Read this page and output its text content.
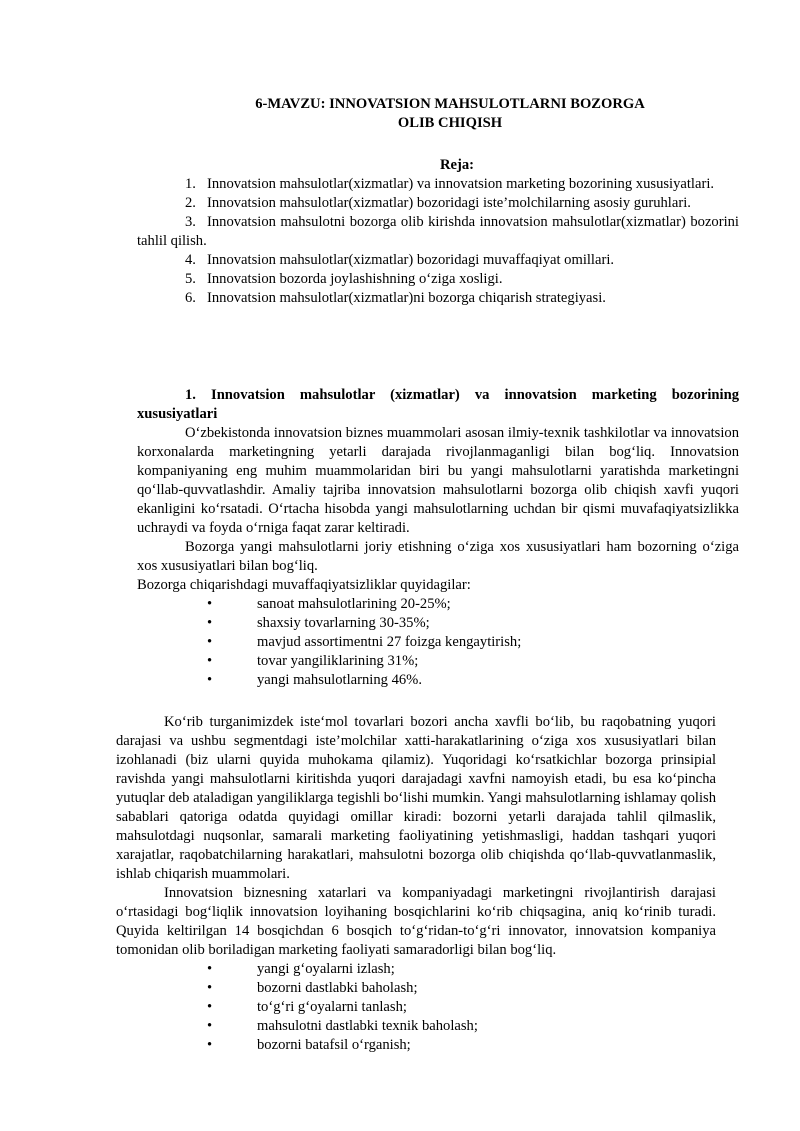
6-MAVZU: INNOVATSION MAHSULOTLARNI BOZORGA
OLIB CHIQISH
Reja:

1. Innovatsion mahsulotlar(xizmatlar) va innovatsion marketing bozorining xususiyatlari.

2. Innovatsion mahsulotlar(xizmatlar) bozoridagi iste’molchilarning asosiy guruhlari.

3. Innovatsion mahsulotni bozorga olib kirishda innovatsion mahsulotlar(xizmatlar) bozorini tahlil qilish.

4. Innovatsion mahsulotlar(xizmatlar) bozoridagi muvaffaqiyat omillari.

5. Innovatsion bozorda joylashishning o‘ziga xosligi.

6. Innovatsion mahsulotlar(xizmatlar)ni bozorga chiqarish strategiyasi.

1. Innovatsion mahsulotlar (xizmatlar) va innovatsion marketing bozorining xususiyatlari

O‘zbekistonda innovatsion biznes muammolari asosan ilmiy-texnik tashkilotlar va innovatsion korxonalarda marketingning yetarli darajada rivojlanmaganligi bilan bog‘liq. Innovatsion kompaniyaning eng muhim muammolaridan biri bu yangi mahsulotlarni yaratishda marketingni qo‘llab-quvvatlashdir. Amaliy tajriba innovatsion mahsulotlarni bozorga olib chiqish xavfi yuqori ekanligini ko‘rsatadi. O‘rtacha hisobda yangi mahsulotlarning uchdan bir qismi muvafaqiyatsizlikka uchraydi va foyda o‘rniga faqat zarar keltiradi.

Bozorga yangi mahsulotlarni joriy etishning o‘ziga xos xususiyatlari ham bozorning o‘ziga xos xususiyatlari bilan bog‘liq.

Bozorga chiqarishdagi muvaffaqiyatsizliklar quyidagilar:

•	sanoat mahsulotlarining 20-25%;
•	shaxsiy tovarlarning 30-35%;
•	mavjud assortimentni 27 foizga kengaytirish;
•	tovar yangiliklarining 31%;
•	yangi mahsulotlarning 46%.

Ko‘rib turganimizdek iste‘mol tovarlari bozori ancha xavfli bo‘lib, bu raqobatning yuqori darajasi va ushbu segmentdagi iste’molchilar xatti-harakatlarining o‘ziga xos xususiyatlari bilan izohlanadi (biz ularni quyida muhokama qilamiz). Yuqoridagi ko‘rsatkichlar bozorga prinsipial ravishda yangi mahsulotlarni kiritishda yuqori darajadagi xavfni namoyish etadi, bu esa ko‘pincha yutuqlar deb ataladigan yangiliklarga tegishli bo‘lishi mumkin. Yangi mahsulotlarning ishlamay qolish sabablari qatoriga odatda quyidagi omillar kiradi: bozorni yetarli darajada tahlil qilmaslik, mahsulotdagi nuqsonlar, samarali marketing faoliyatining yetishmasligi, haddan tashqari yuqori xarajatlar, raqobatchilarning harakatlari, mahsulotni bozorga olib chiqishda qo‘llab-quvvatlanmaslik, ishlab chiqarish muammolari.

Innovatsion biznesning xatarlari va kompaniyadagi marketingni rivojlantirish darajasi o‘rtasidagi bog‘liqlik innovatsion loyihaning bosqichlarini ko‘rib chiqsagina, aniq ko‘rinib turadi. Quyida keltirilgan 14 bosqichdan 6 bosqich to‘g‘ridan-to‘g‘ri innovator, innovatsion kompaniya tomonidan olib boriladigan marketing faoliyati samaradorligi bilan bog‘liq.

•	yangi g‘oyalarni izlash;
•	bozorni dastlabki baholash;
•	to‘g‘ri g‘oyalarni tanlash;
•	mahsulotni dastlabki texnik baholash;
•	bozorni batafsil o‘rganish;
